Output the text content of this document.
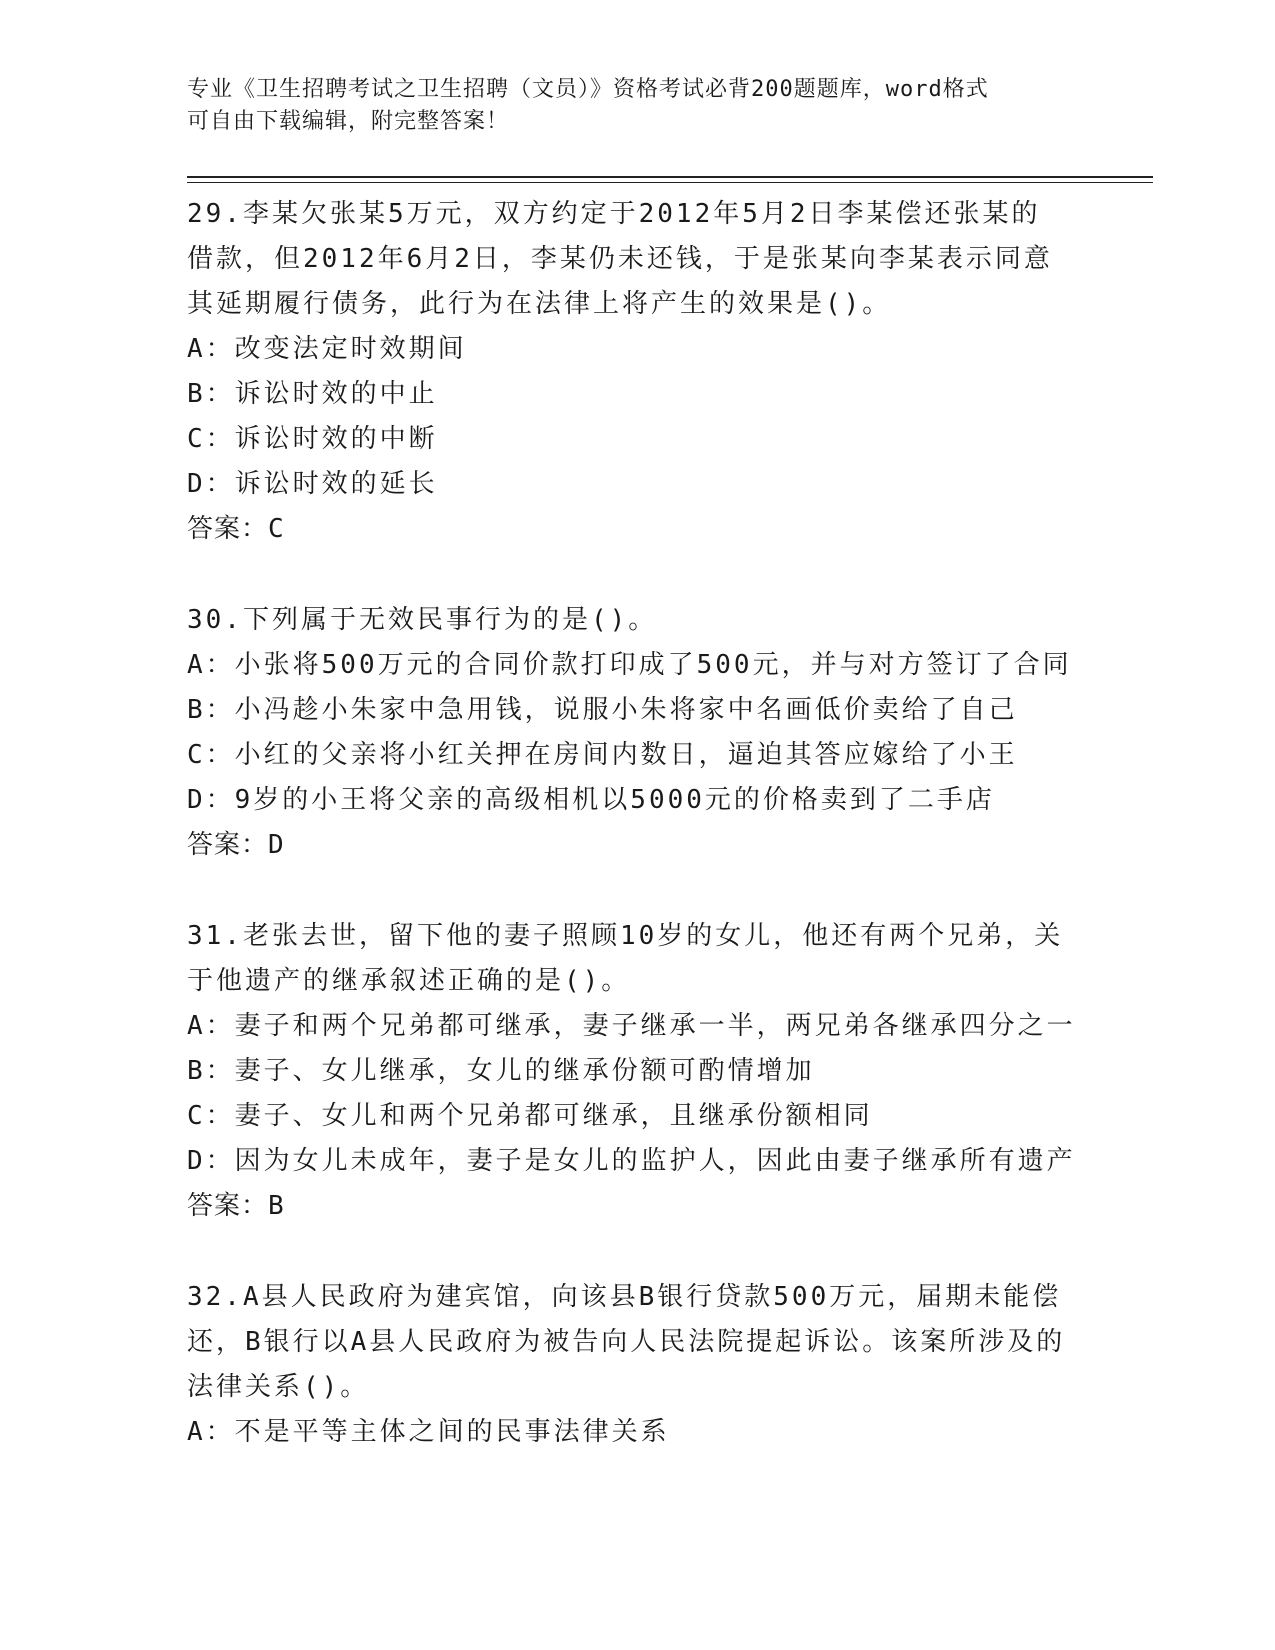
专业《卫生招聘考试之卫生招聘（文员）》资格考试必背200题题库，word格式
可自由下载编辑，附完整答案！
29.李某欠张某5万元，双方约定于2012年5月2日李某偿还张某的
借款，但2012年6月2日，李某仍未还钱，于是张某向李某表示同意
其延期履行债务，此行为在法律上将产生的效果是()。
A：改变法定时效期间
B：诉讼时效的中止
C：诉讼时效的中断
D：诉讼时效的延长
答案：C
30.下列属于无效民事行为的是()。
A：小张将500万元的合同价款打印成了500元，并与对方签订了合同
B：小冯趁小朱家中急用钱，说服小朱将家中名画低价卖给了自己
C：小红的父亲将小红关押在房间内数日，逼迫其答应嫁给了小王
D：9岁的小王将父亲的高级相机以5000元的价格卖到了二手店
答案：D
31.老张去世，留下他的妻子照顾10岁的女儿，他还有两个兄弟，关
于他遗产的继承叙述正确的是()。
A：妻子和两个兄弟都可继承，妻子继承一半，两兄弟各继承四分之一
B：妻子、女儿继承，女儿的继承份额可酌情增加
C：妻子、女儿和两个兄弟都可继承，且继承份额相同
D：因为女儿未成年，妻子是女儿的监护人，因此由妻子继承所有遗产
答案：B
32.A县人民政府为建宾馆，向该县B银行贷款500万元，届期未能偿
还，B银行以A县人民政府为被告向人民法院提起诉讼。该案所涉及的
法律关系()。
A：不是平等主体之间的民事法律关系
